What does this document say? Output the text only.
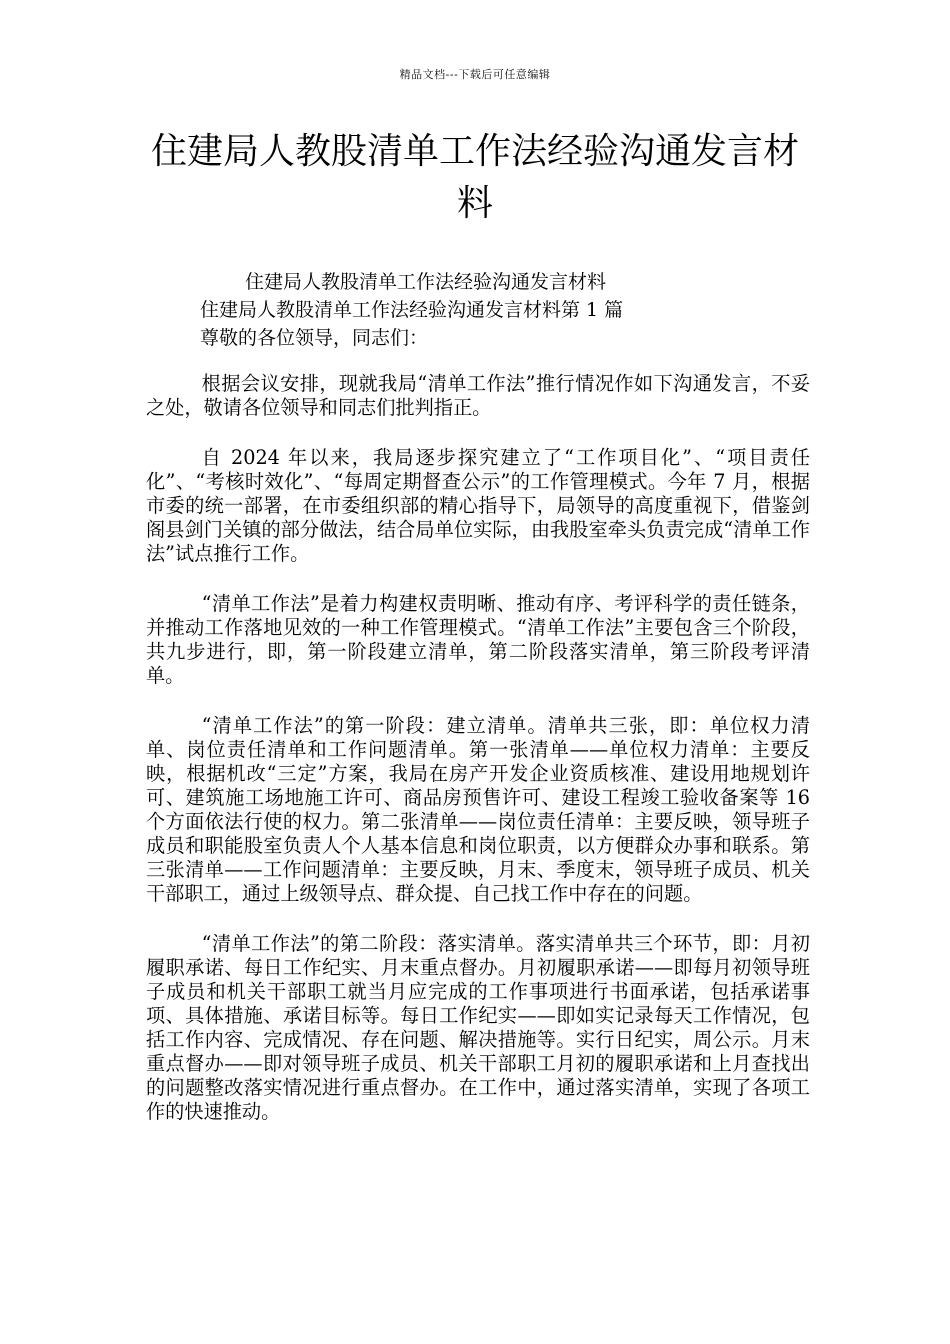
精品文档---下载后可任意编辑
住建局人教股清单工作法经验沟通发言材料
住建局人教股清单工作法经验沟通发言材料
住建局人教股清单工作法经验沟通发言材料第 1 篇
尊敬的各位领导，同志们：

根据会议安排，现就我局“清单工作法”推行情况作如下沟通发言，不妥之处，敬请各位领导和同志们批判指正。

自 2024 年以来，我局逐步探究建立了“工作项目化”、“项目责任化”、“考核时效化”、“每周定期督查公示”的工作管理模式。今年 7 月，根据市委的统一部署，在市委组织部的精心指导下，局领导的高度重视下，借鉴剑阁县剑门关镇的部分做法，结合局单位实际，由我股室牵头负责完成“清单工作法”试点推行工作。

“清单工作法”是着力构建权责明晰、推动有序、考评科学的责任链条，并推动工作落地见效的一种工作管理模式。“清单工作法”主要包含三个阶段，共九步进行，即，第一阶段建立清单，第二阶段落实清单，第三阶段考评清单。

“清单工作法”的第一阶段：建立清单。清单共三张，即：单位权力清单、岗位责任清单和工作问题清单。第一张清单——单位权力清单：主要反映，根据机改“三定”方案，我局在房产开发企业资质核准、建设用地规划许可、建筑施工场地施工许可、商品房预售许可、建设工程竣工验收备案等 16 个方面依法行使的权力。第二张清单——岗位责任清单：主要反映，领导班子成员和职能股室负责人个人基本信息和岗位职责，以方便群众办事和联系。第三张清单——工作问题清单：主要反映，月末、季度末，领导班子成员、机关干部职工，通过上级领导点、群众提、自己找工作中存在的问题。

“清单工作法”的第二阶段：落实清单。落实清单共三个环节，即：月初履职承诺、每日工作纪实、月末重点督办。月初履职承诺——即每月初领导班子成员和机关干部职工就当月应完成的工作事项进行书面承诺，包括承诺事项、具体措施、承诺目标等。每日工作纪实——即如实记录每天工作情况，包括工作内容、完成情况、存在问题、解决措施等。实行日纪实，周公示。月末重点督办——即对领导班子成员、机关干部职工月初的履职承诺和上月查找出的问题整改落实情况进行重点督办。在工作中，通过落实清单，实现了各项工作的快速推动。
